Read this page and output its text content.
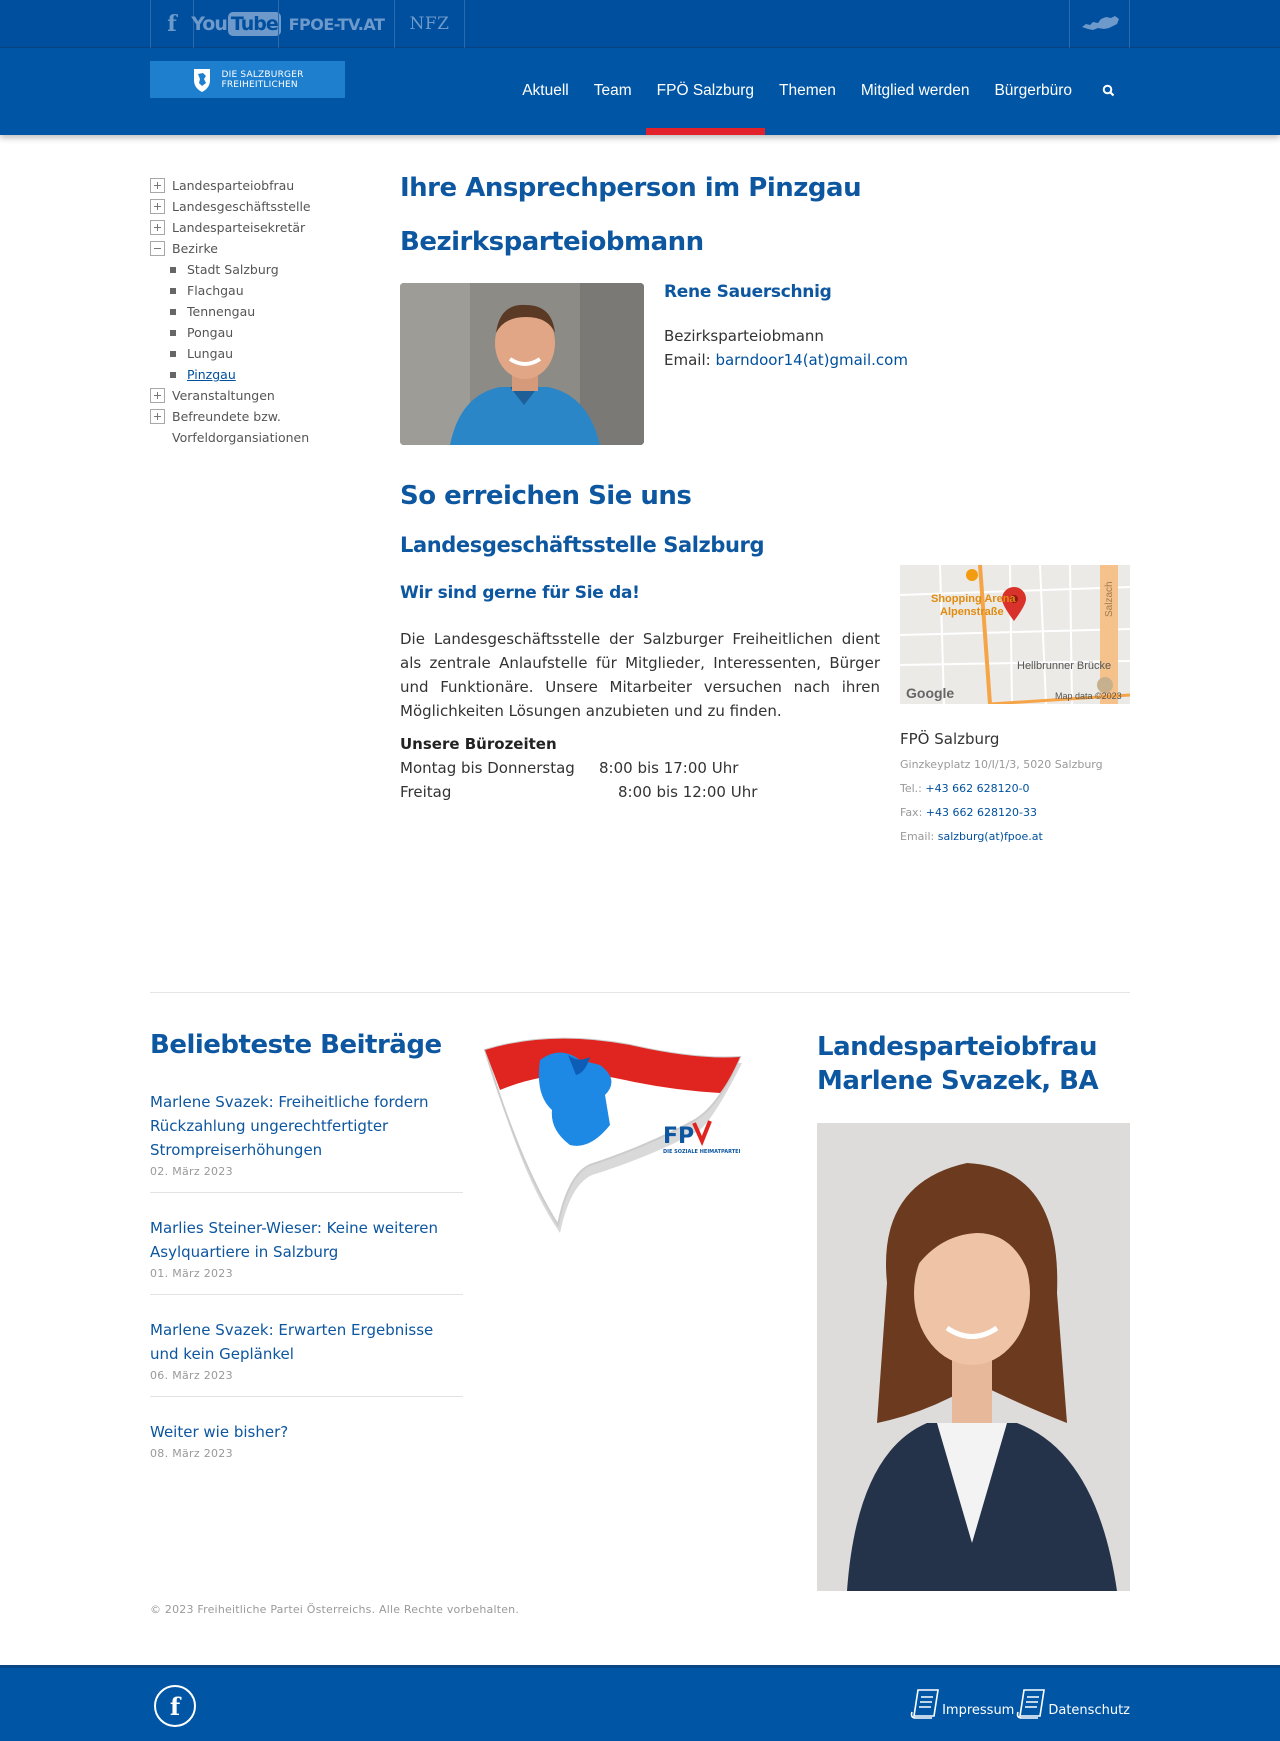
f You Tube FPOE-TV.AT	NFZ
DIE SALZBURGER
FREIHEITLICHEN	Aktuell	Team	FPÖ Salzburg	Themen	Mitglied werden	Bürgerbüro
Landesparteiobfrau
Landesgeschäftsstelle
Landesparteisekretär
Bezirke
Stadt Salzburg
Flachgau
Tennengau
Pongau
Lungau
Pinzgau
Veranstaltungen
Befreundete bzw. Vorfeldorgansiationen
Ihre Ansprechperson im Pinzgau
Bezirksparteiobmann
Rene Sauerschnig
Bezirksparteiobmann
Email: barndoor14(at)gmail.com
So erreichen Sie uns
Landesgeschäftsstelle Salzburg
Wir sind gerne für Sie da!

Die Landesgeschäftsstelle der Salzburger Freiheitlichen dient als zentrale Anlaufstelle für Mitglieder, Interessenten, Bürger und Funktionäre. Unsere Mitarbeiter versuchen nach ihren Möglichkeiten Lösungen anzubieten und zu finden.

Unsere Bürozeiten
Montag bis Donnerstag 8:00 bis 17:00 Uhr
Freitag	8:00 bis 12:00 Uhr
Shopping Arena
Alpenstraße	Salzach
Hellbrunner Brücke
Google	Map data ©2023
FPÖ Salzburg
Ginzkeyplatz 10/I/1/3, 5020 Salzburg
Tel.: +43 662 628120-0
Fax: +43 662 628120-33
Email: salzburg(at)fpoe.at
Beliebteste Beiträge
Marlene Svazek: Freiheitliche fordern Rückzahlung ungerechtfertigter Strompreiserhöhungen
02. März 2023
Marlies Steiner-Wieser: Keine weiteren Asylquartiere in Salzburg
01. März 2023
Marlene Svazek: Erwarten Ergebnisse und kein Geplänkel
06. März 2023
Weiter wie bisher?
08. März 2023
FP
DIE SOZIALE HEIMATPARTEI
Landesparteiobfrau
Marlene Svazek, BA
© 2023 Freiheitliche Partei Österreichs. Alle Rechte vorbehalten.
f	Impressum	Datenschutz
